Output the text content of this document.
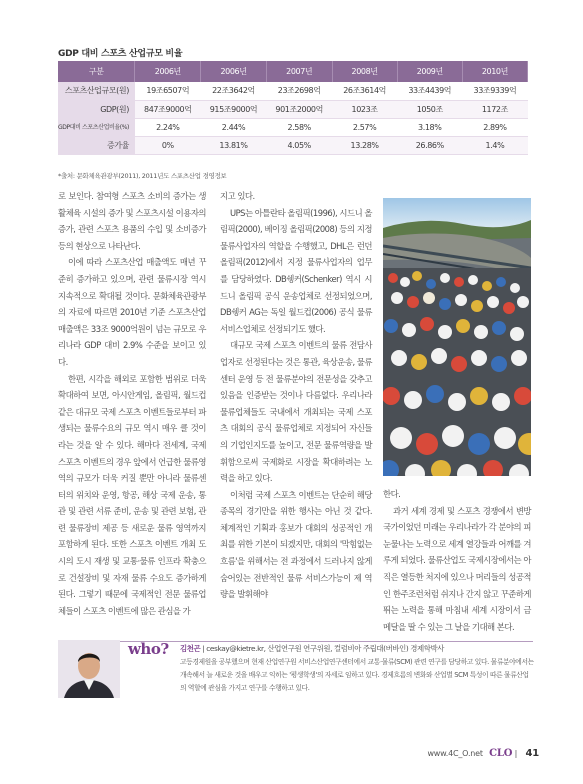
GDP 대비 스포츠 산업규모 비율
구분	2006년	2006년	2007년	2008년	2009년	2010년
스포츠산업규모(원)	19조6507억	22조3642억	23조2698억	26조3614억	33조4439억	33조9339억
GDP(원)	847조9000억	915조9000억	901조2000억	1023조	1050조	1172조
GDP대비 스포츠산업비율(%)	2.24%	2.44%	2.58%	2.57%	3.18%	2.89%
증가율	0%	13.81%	4.05%	13.28%	26.86%	1.4%
*출처: 문화체육관광부(2011), 2011년도 스포츠산업 경영정보

로 보인다. 참여형 스포츠 소비의 증가는 생활체육 시설의 증가 및 스포츠시설 이용자의 증가, 관련 스포츠 용품의 수입 및 소비증가 등의 현상으로 나타난다.

이에 따라 스포츠산업 매출액도 매년 꾸준히 증가하고 있으며, 관련 물류시장 역시 지속적으로 확대될 것이다. 문화체육관광부의 자료에 따르면 2010년 기준 스포츠산업 매출액은 33조 9000억원이 넘는 규모로 우리나라 GDP 대비 2.9% 수준을 보이고 있다.

한편, 시각을 해외로 포함한 범위로 더욱 확대하여 보면, 아시안게임, 올림픽, 월드컵 같은 대규모 국제 스포츠 이벤트들로부터 파생되는 물류수요의 규모 역시 매우 클 것이라는 것을 알 수 있다. 해마다 전세계, 국제 스포츠 이벤트의 경우 앞에서 언급한 물류영역의 규모가 더욱 커질 뿐만 아니라 물류센터의 위치와 운영, 항공, 해상 국제 운송, 통관 및 관련 서류 준비, 운송 및 관련 보험, 관련 물류장비 제공 등 새로운 물류 영역까지 포함하게 된다. 또한 스포츠 이벤트 개최 도시의 도시 재생 및 교통·물류 인프라 확충으로 건설장비 및 자재 물류 수요도 증가하게 된다. 그렇기 때문에 국제적인 전문 물류업체들이 스포츠 이벤트에 많은 관심을 가

지고 있다.

UPS는 아틀란타 올림픽(1996), 시드니 올림픽(2000), 베이징 올림픽(2008) 등의 지정 물류사업자의 역할을 수행했고, DHL은 런던 올림픽(2012)에서 지정 물류사업자의 업무를 담당하였다. DB쉥커(Schenker) 역시 시드니 올림픽 공식 운송업체로 선정되었으며, DB쉥커 AG는 독일 월드컵(2006) 공식 물류서비스업체로 선정되기도 했다.

대규모 국제 스포츠 이벤트의 물류 전담사업자로 선정된다는 것은 통관, 육상운송, 물류센터 운영 등 전 물류분야의 전문성을 갖추고 있음을 인증받는 것이나 다름없다. 우리나라 물류업체들도 국내에서 개최되는 국제 스포츠 대회의 공식 물류업체로 지정되어 자신들의 기업인지도를 높이고, 전문 물류역량을 발휘함으로써 국제화로 시장을 확대하려는 노력을 하고 있다.

이처럼 국제 스포츠 이벤트는 단순히 해당 종목의 경기만을 위한 행사는 아닌 것 같다. 체계적인 기획과 홍보가 대회의 성공적인 개최를 위한 기본이 되겠지만, 대회의 '막힘없는 흐름'을 위해서는 전 과정에서 드러나지 않게 숨어있는 전반적인 물류 서비스가능이 제 역량을 발휘해야

한다.

과거 세계 경제 및 스포츠 경쟁에서 변방국가이었던 미래는 우리나라가 각 분야의 피눈물나는 노력으로 세계 열강들과 어깨를 겨루게 되었다. 물류산업도 국제시장에서는 아직은 열등한 처지에 있으나 머리들의 성공적인 한주조런처럼 쉬지나 간지 않고 꾸준하게 뛰는 노력을 통해 마침내 세계 시장이서 금메달을 딸 수 있는 그 날을 기대해 본다.

who? 김천곤 | ceskay@kietre.kr, 산업연구원 연구위원, 컬럼비아 주립대(버바인) 경제학박사
고등경제원을 공부했으며 현재 산업연구원 서비스산업연구센터에서 교통·물류(SCM) 관련 연구를 담당하고 있다. 물류분야에서는 개속해서 늘 새로운 것을 배우고 익히는 '평생학생'의 자세로 임하고 있다. 경제흐름의 변화와 산업별 SCM 특성이 따른 물류산업의 역할에 관심을 가지고 연구를 수행하고 있다.
www.4C_O.net CLO | 41
